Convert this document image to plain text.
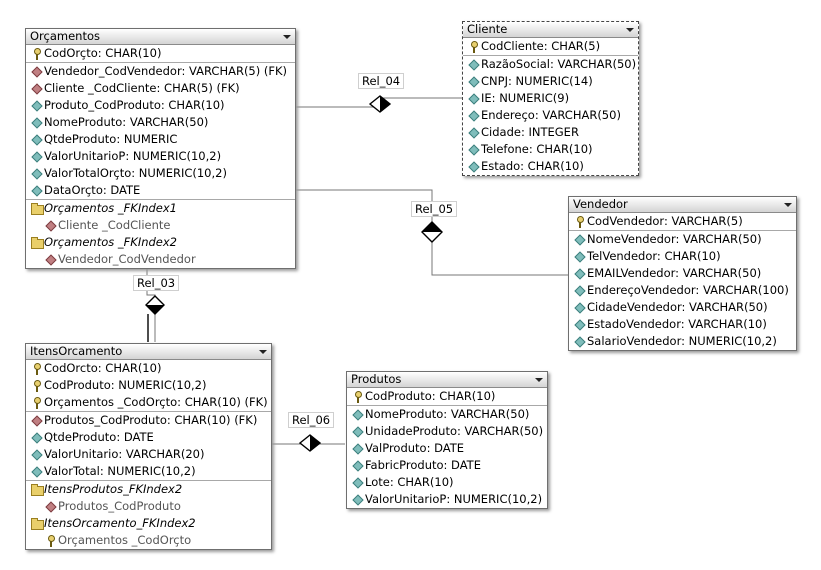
Rel_04
Rel_05
Rel_03
Rel_06
Orçamentos
CodOrçto: CHAR(10)
Vendedor_CodVendedor: VARCHAR(5) (FK)
Cliente _CodCliente: CHAR(5) (FK)
Produto_CodProduto: CHAR(10)
NomeProduto: VARCHAR(50)
QtdeProduto: NUMERIC
ValorUnitarioP: NUMERIC(10,2)
ValorTotalOrçto: NUMERIC(10,2)
DataOrçto: DATE
Orçamentos _FKIndex1
Cliente _CodCliente
Orçamentos _FKIndex2
Vendedor_CodVendedor
Cliente
CodCliente: CHAR(5)
RazãoSocial: VARCHAR(50)
CNPJ: NUMERIC(14)
IE: NUMERIC(9)
Endereço: VARCHAR(50)
Cidade: INTEGER
Telefone: CHAR(10)
Estado: CHAR(10)
Vendedor
CodVendedor: VARCHAR(5)
NomeVendedor: VARCHAR(50)
TelVendedor: CHAR(10)
EMAILVendedor: VARCHAR(50)
EndereçoVendedor: VARCHAR(100)
CidadeVendedor: VARCHAR(50)
EstadoVendedor: VARCHAR(10)
SalarioVendedor: NUMERIC(10,2)
ItensOrcamento
CodOrcto: CHAR(10)
CodProduto: NUMERIC(10,2)
Orçamentos _CodOrçto: CHAR(10) (FK)
Produtos_CodProduto: CHAR(10) (FK)
QtdeProduto: DATE
ValorUnitario: VARCHAR(20)
ValorTotal: NUMERIC(10,2)
ItensProdutos_FKIndex2
Produtos_CodProduto
ItensOrcamento_FKIndex2
Orçamentos _CodOrçto
Produtos
CodProduto: CHAR(10)
NomeProduto: VARCHAR(50)
UnidadeProduto: VARCHAR(50)
ValProduto: DATE
FabricProduto: DATE
Lote: CHAR(10)
ValorUnitarioP: NUMERIC(10,2)
